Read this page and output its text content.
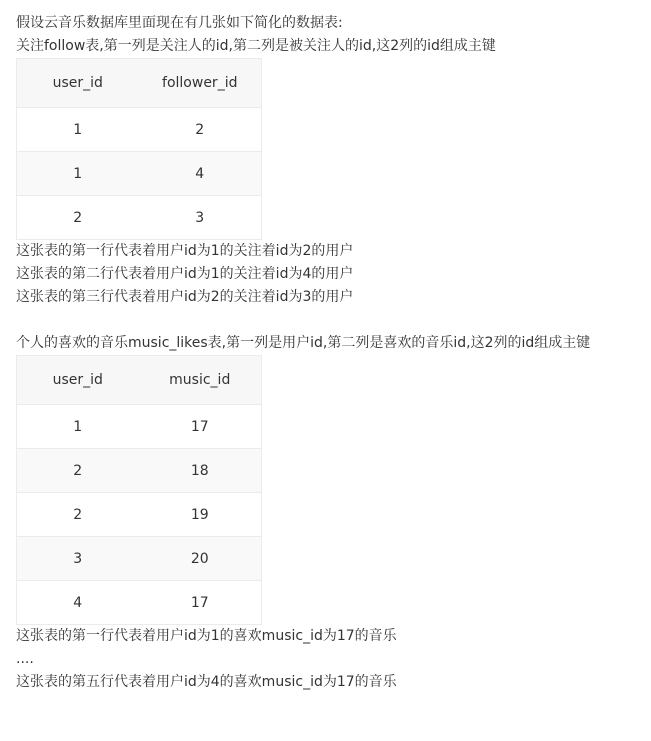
假设云音乐数据库里面现在有几张如下简化的数据表:
关注follow表,第一列是关注人的id,第二列是被关注人的id,这2列的id组成主键
user_id	follower_id
1	2
1	4
2	3
这张表的第一行代表着用户id为1的关注着id为2的用户
这张表的第二行代表着用户id为1的关注着id为4的用户
这张表的第三行代表着用户id为2的关注着id为3的用户
个人的喜欢的音乐music_likes表,第一列是用户id,第二列是喜欢的音乐id,这2列的id组成主键
user_id	music_id
1	17
2	18
2	19
3	20
4	17
这张表的第一行代表着用户id为1的喜欢music_id为17的音乐
....
这张表的第五行代表着用户id为4的喜欢music_id为17的音乐
